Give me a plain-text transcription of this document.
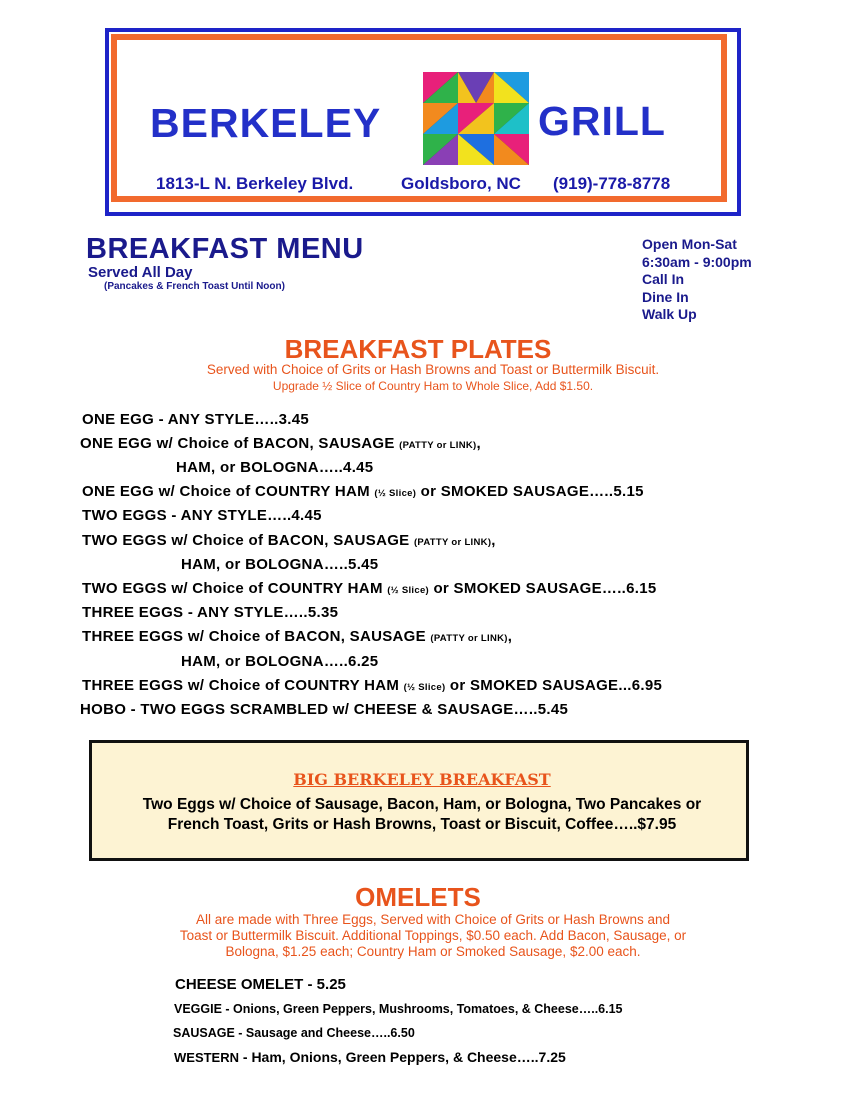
BERKELEY	GRILL
1813-L N. Berkeley Blvd.	Goldsboro, NC (919)-778-8778
BREAKFAST MENU
Served All Day
(Pancakes & French Toast Until Noon)
Open Mon-Sat
6:30am - 9:00pm
Call In
Dine In
Walk Up
BREAKFAST PLATES
Served with Choice of Grits or Hash Browns and Toast or Buttermilk Biscuit.
Upgrade ½ Slice of Country Ham to Whole Slice, Add $1.50.
ONE EGG - ANY STYLE…..3.45
ONE EGG w/ Choice of BACON, SAUSAGE (PATTY or LINK),
HAM, or BOLOGNA…..4.45
ONE EGG w/ Choice of COUNTRY HAM (½ Slice) or SMOKED SAUSAGE…..5.15
TWO EGGS - ANY STYLE…..4.45
TWO EGGS w/ Choice of BACON, SAUSAGE (PATTY or LINK),
HAM, or BOLOGNA…..5.45
TWO EGGS w/ Choice of COUNTRY HAM (½ Slice) or SMOKED SAUSAGE…..6.15
THREE EGGS - ANY STYLE…..5.35
THREE EGGS w/ Choice of BACON, SAUSAGE (PATTY or LINK),
HAM, or BOLOGNA…..6.25
THREE EGGS w/ Choice of COUNTRY HAM (½ Slice) or SMOKED SAUSAGE...6.95
HOBO - TWO EGGS SCRAMBLED w/ CHEESE & SAUSAGE…..5.45
BIG BERKELEY BREAKFAST
Two Eggs w/ Choice of Sausage, Bacon, Ham, or Bologna, Two Pancakes or
French Toast, Grits or Hash Browns, Toast or Biscuit, Coffee…..$7.95
OMELETS
All are made with Three Eggs, Served with Choice of Grits or Hash Browns and
Toast or Buttermilk Biscuit. Additional Toppings, $0.50 each. Add Bacon, Sausage, or
Bologna, $1.25 each; Country Ham or Smoked Sausage, $2.00 each.
CHEESE OMELET - 5.25
VEGGIE - Onions, Green Peppers, Mushrooms, Tomatoes, & Cheese…..6.15
SAUSAGE - Sausage and Cheese…..6.50
WESTERN - Ham, Onions, Green Peppers, & Cheese…..7.25
